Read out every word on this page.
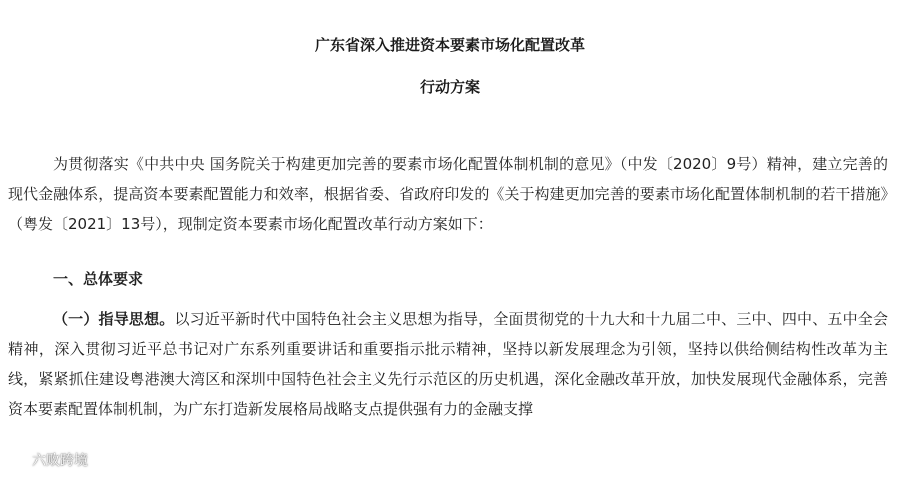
广东省深入推进资本要素市场化配置改革
行动方案

为贯彻落实《中共中央 国务院关于构建更加完善的要素市场化配置体制机制的意见》（中发〔2020〕9号）精神，建立完善的现代金融体系，提高资本要素配置能力和效率，根据省委、省政府印发的《关于构建更加完善的要素市场化配置体制机制的若干措施》（粤发〔2021〕13号），现制定资本要素市场化配置改革行动方案如下：

一、总体要求

（一）指导思想。以习近平新时代中国特色社会主义思想为指导，全面贯彻党的十九大和十九届二中、三中、四中、五中全会精神，深入贯彻习近平总书记对广东系列重要讲话和重要指示批示精神，坚持以新发展理念为引领，坚持以供给侧结构性改革为主线，紧紧抓住建设粤港澳大湾区和深圳中国特色社会主义先行示范区的历史机遇，深化金融改革开放，加快发展现代金融体系，完善资本要素配置体制机制，为广东打造新发展格局战略支点提供强有力的金融支撑

六败跨境
